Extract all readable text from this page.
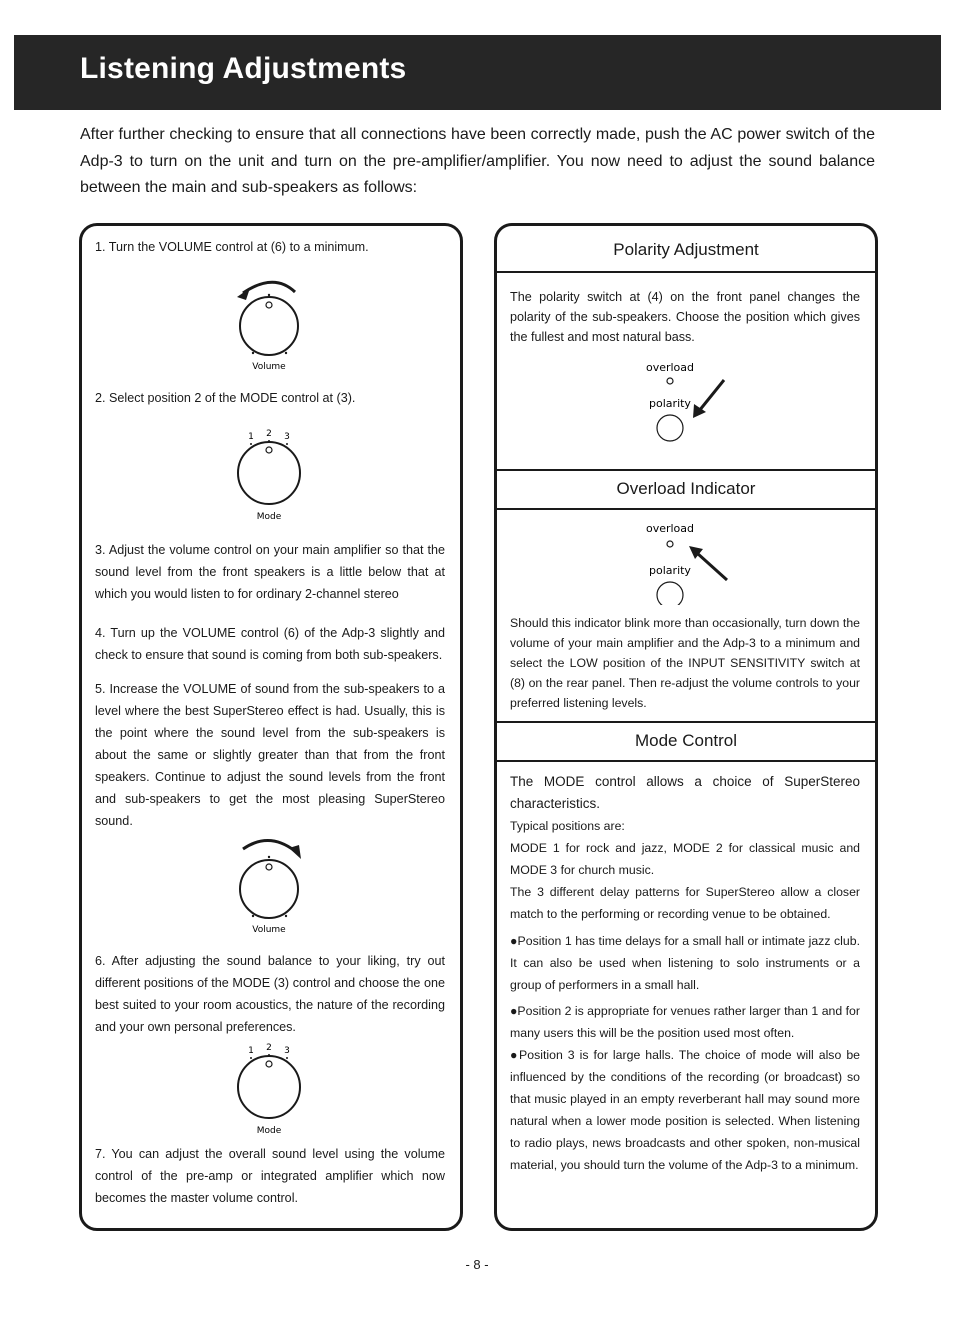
Listening Adjustments

After further checking to ensure that all connections have been correctly made, push the AC power switch of the Adp-3 to turn on the unit and turn on the pre-amplifier/amplifier. You now need to adjust the sound balance between the main and sub-speakers as follows:

1. Turn the VOLUME control at (6) to a minimum.

Volume

2. Select position 2 of the MODE control at (3).

1 2 3
Mode

3. Adjust the volume control on your main amplifier so that the sound level from the front speakers is a little below that at which you would listen to for ordinary 2-channel stereo

4. Turn up the VOLUME control (6) of the Adp-3 slightly and check to ensure that sound is coming from both sub-speakers.

5. Increase the VOLUME of sound from the sub-speakers to a level where the best SuperStereo effect is had. Usually, this is the point where the sound level from the sub-speakers is about the same or slightly greater than that from the front speakers. Continue to adjust the sound levels from the front and sub-speakers to get the most pleasing SuperStereo sound.

Volume

6. After adjusting the sound balance to your liking, try out different positions of the MODE (3) control and choose the one best suited to your room acoustics, the nature of the recording and your own personal preferences.

1 2 3
Mode

7. You can adjust the overall sound level using the volume control of the pre-amp or integrated amplifier which now becomes the master volume control.

Polarity Adjustment

The polarity switch at (4) on the front panel changes the polarity of the sub-speakers. Choose the position which gives the fullest and most natural bass.

overload
polarity
Overload Indicator
overload
polarity

Should this indicator blink more than occasionally, turn down the volume of your main amplifier and the Adp-3 to a minimum and select the LOW position of the INPUT SENSITIVITY switch at (8) on the rear panel. Then re-adjust the volume controls to your preferred listening levels.

Mode Control
The MODE control allows a choice of SuperStereo characteristics.
Typical positions are:
MODE 1 for rock and jazz, MODE 2 for classical music and MODE 3 for church music.
The 3 different delay patterns for SuperStereo allow a closer match to the performing or recording venue to be obtained.
●Position 1 has time delays for a small hall or intimate jazz club. It can also be used when listening to solo instruments or a group of performers in a small hall.
●Position 2 is appropriate for venues rather larger than 1 and for many users this will be the position used most often.
●Position 3 is for large halls. The choice of mode will also be influenced by the conditions of the recording (or broadcast) so that music played in an empty reverberant hall may sound more natural when a lower mode position is selected. When listening to radio plays, news broadcasts and other spoken, non-musical material, you should turn the volume of the Adp-3 to a minimum.
- 8 -
